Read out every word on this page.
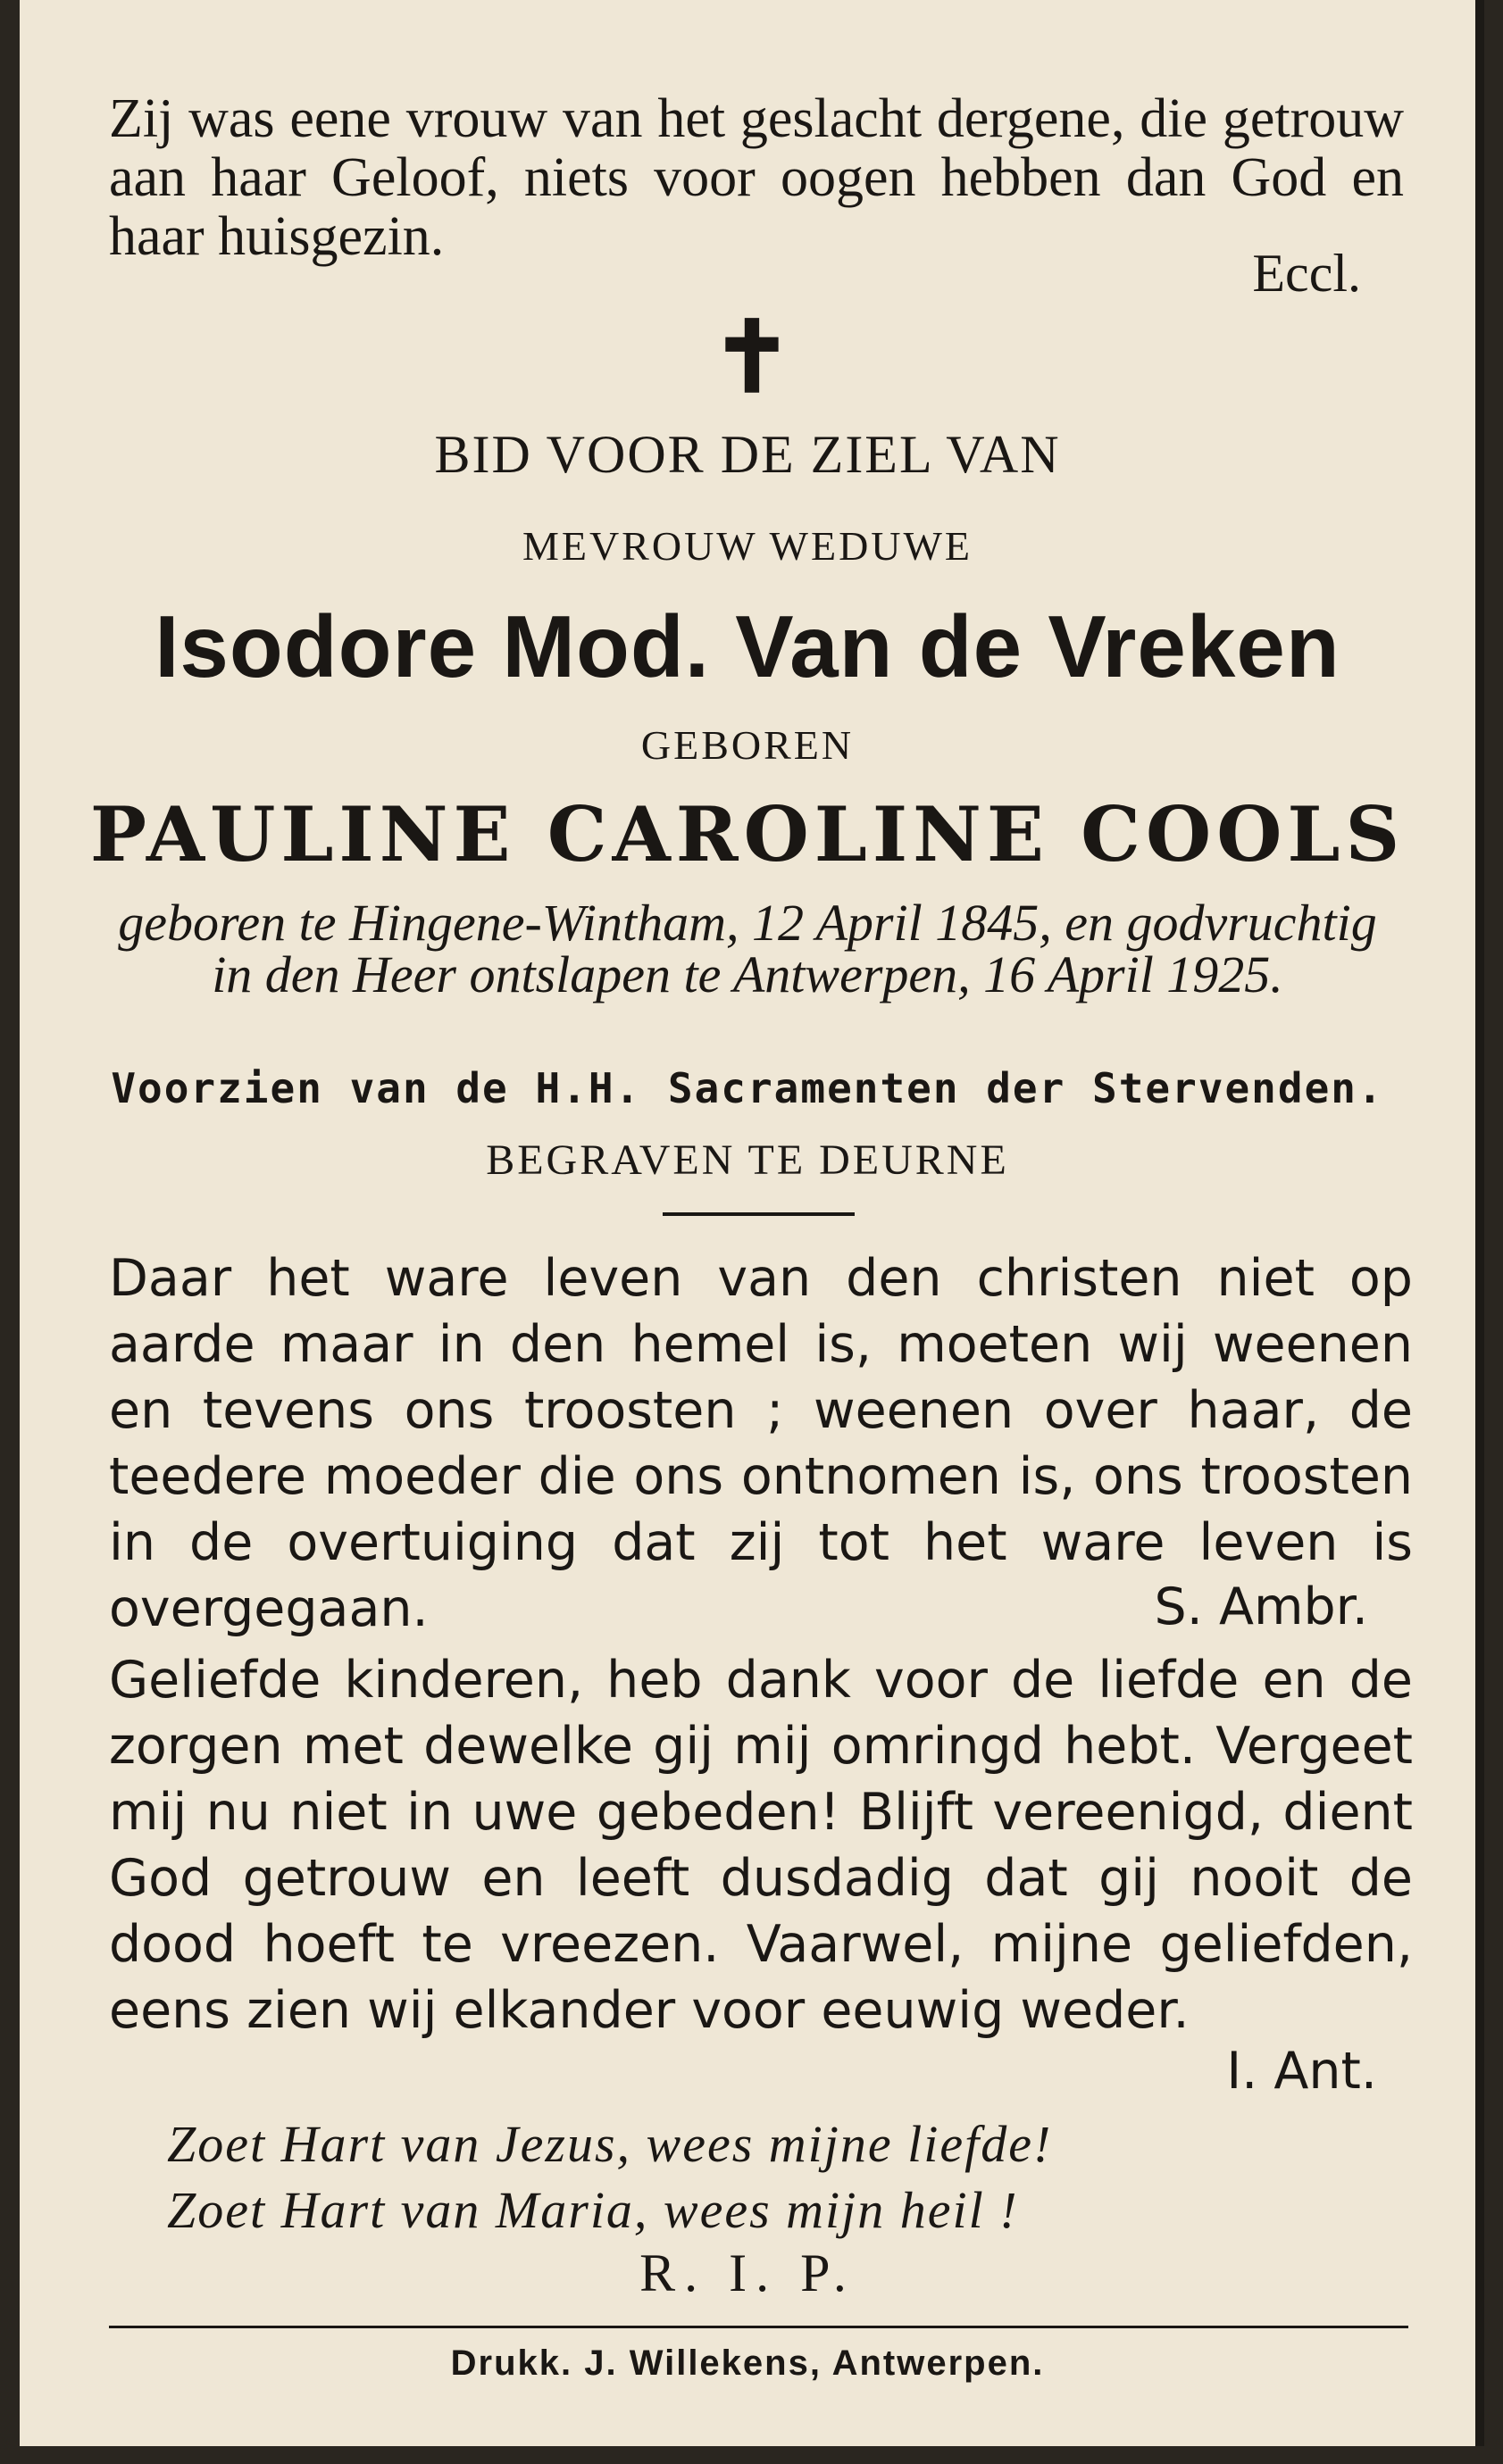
Zij was eene vrouw van het geslacht dergene, die getrouw aan haar Geloof, niets voor oogen hebben dan God en haar huisgezin.
Eccl.
✝
BID VOOR DE ZIEL VAN
MEVROUW WEDUWE
Isodore Mod. Van de Vreken
GEBOREN
PAULINE CAROLINE COOLS
geboren te Hingene-Wintham, 12 April 1845, en godvruchtig in den Heer ontslapen te Antwerpen, 16 April 1925.
Voorzien van de H.H. Sacramenten der Stervenden.
BEGRAVEN TE DEURNE
Daar het ware leven van den christen niet op aarde maar in den hemel is, moeten wij weenen en tevens ons troosten ; weenen over haar, de teedere moeder die ons ontnomen is, ons troosten in de overtuiging dat zij tot het ware leven is overgegaan.	S. Ambr.
Geliefde kinderen, heb dank voor de liefde en de zorgen met dewelke gij mij omringd hebt. Vergeet mij nu niet in uwe gebeden! Blijft vereenigd, dient God getrouw en leeft dusdadig dat gij nooit de dood hoeft te vreezen. Vaarwel, mijne geliefden, eens zien wij elkander voor eeuwig weder.
I. Ant.
Zoet Hart van Jezus, wees mijne liefde!
Zoet Hart van Maria, wees mijn heil !
R. I. P.
Drukk. J. Willekens, Antwerpen.
